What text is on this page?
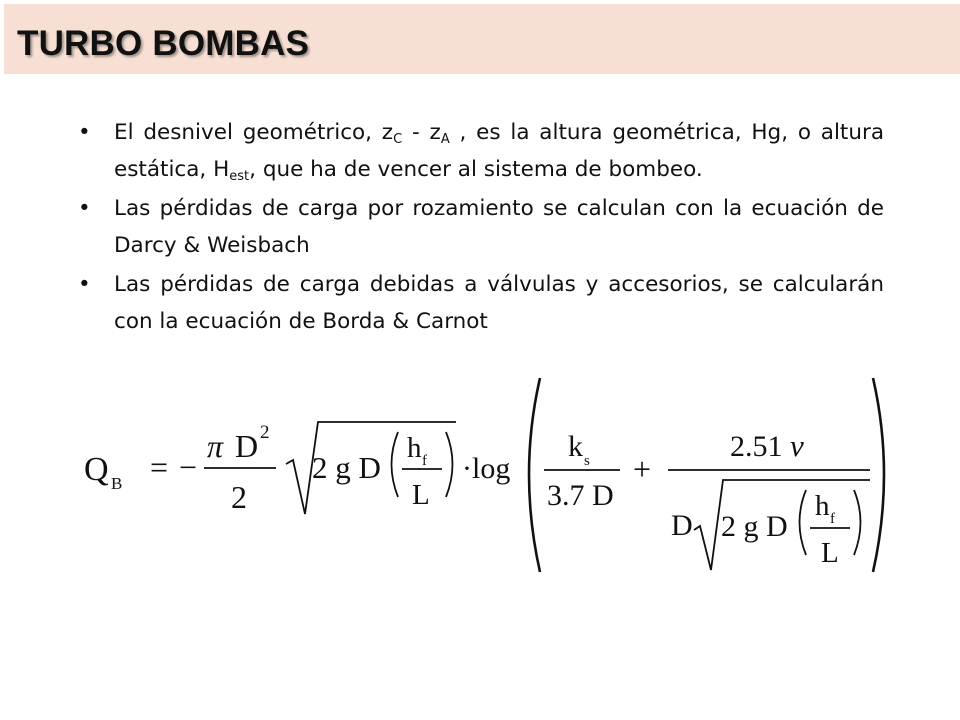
TURBO BOMBAS
• El desnivel geométrico, $z_C - z_A$ , es la altura geométrica, Hg, o altura estática, $H_{est}$, que ha de vencer al sistema de bombeo.
• Las pérdidas de carga por rozamiento se calculan con la ecuación de Darcy & Weisbach
• Las pérdidas de carga debidas a válvulas y accesorios, se calcularán con la ecuación de Borda & Carnot
Q B = −
π D 2
2
2 g D
h f
L
·log
k s
3.7 D
+
2.51 ν
D 2 g D
h f
L
